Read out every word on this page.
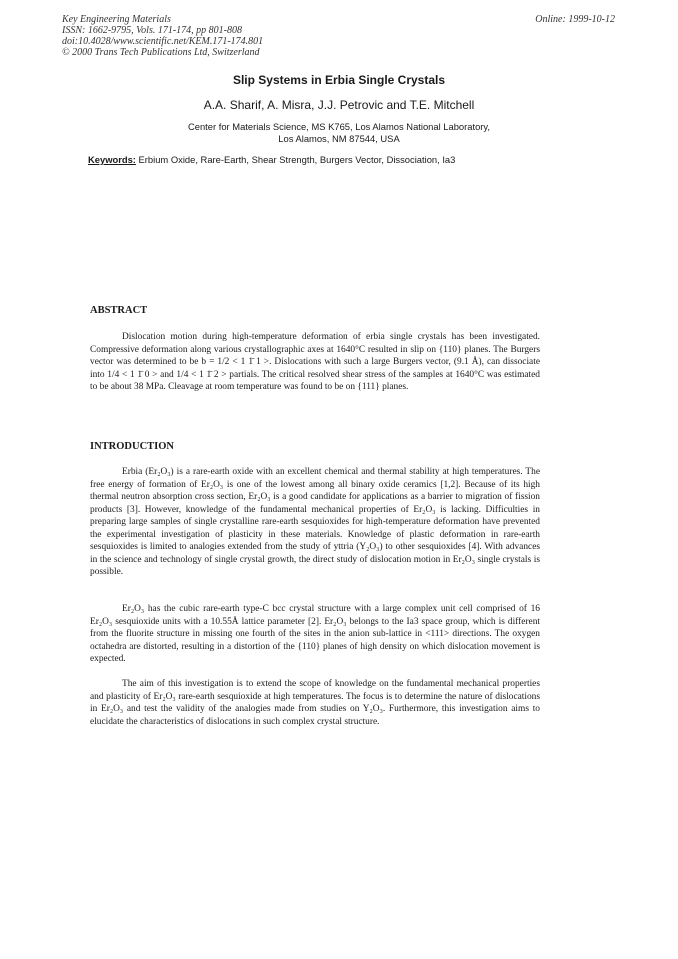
Key Engineering Materials
ISSN: 1662-9795, Vols. 171-174, pp 801-808
doi:10.4028/www.scientific.net/KEM.171-174.801
© 2000 Trans Tech Publications Ltd, Switzerland
Online: 1999-10-12
Slip Systems in Erbia Single Crystals
A.A. Sharif, A. Misra, J.J. Petrovic and T.E. Mitchell
Center for Materials Science, MS K765, Los Alamos National Laboratory,
Los Alamos, NM 87544, USA
Keywords: Erbium Oxide, Rare-Earth, Shear Strength, Burgers Vector, Dissociation, Ia3
ABSTRACT

Dislocation motion during high-temperature deformation of erbia single crystals has been investigated. Compressive deformation along various crystallographic axes at 1640°C resulted in slip on {110} planes. The Burgers vector was determined to be b = 1/2 < 1 1̄ 1 >. Dislocations with such a large Burgers vector, (9.1 Å), can dissociate into 1/4 < 1 1̄ 0 > and 1/4 < 1 1̄ 2 > partials. The critical resolved shear stress of the samples at 1640°C was estimated to be about 38 MPa. Cleavage at room temperature was found to be on {111} planes.

INTRODUCTION

Erbia (Er₂O₃) is a rare-earth oxide with an excellent chemical and thermal stability at high temperatures. The free energy of formation of Er₂O₃ is one of the lowest among all binary oxide ceramics [1,2]. Because of its high thermal neutron absorption cross section, Er₂O₃ is a good candidate for applications as a barrier to migration of fission products [3]. However, knowledge of the fundamental mechanical properties of Er₂O₃ is lacking. Difficulties in preparing large samples of single crystalline rare-earth sesquioxides for high-temperature deformation have prevented the experimental investigation of plasticity in these materials. Knowledge of plastic deformation in rare-earth sesquioxides is limited to analogies extended from the study of yttria (Y₂O₃) to other sesquioxides [4]. With advances in the science and technology of single crystal growth, the direct study of dislocation motion in Er₂O₃ single crystals is possible.

Er₂O₃ has the cubic rare-earth type-C bcc crystal structure with a large complex unit cell comprised of 16 Er₂O₃ sesquioxide units with a 10.55Å lattice parameter [2]. Er₂O₃ belongs to the Ia3 space group, which is different from the fluorite structure in missing one fourth of the sites in the anion sub-lattice in <111> directions. The oxygen octahedra are distorted, resulting in a distortion of the {110} planes of high density on which dislocation movement is expected.

The aim of this investigation is to extend the scope of knowledge on the fundamental mechanical properties and plasticity of Er₂O₃ rare-earth sesquioxide at high temperatures. The focus is to determine the nature of dislocations in Er₂O₃ and test the validity of the analogies made from studies on Y₂O₃. Furthermore, this investigation aims to elucidate the characteristics of dislocations in such complex crystal structure.
